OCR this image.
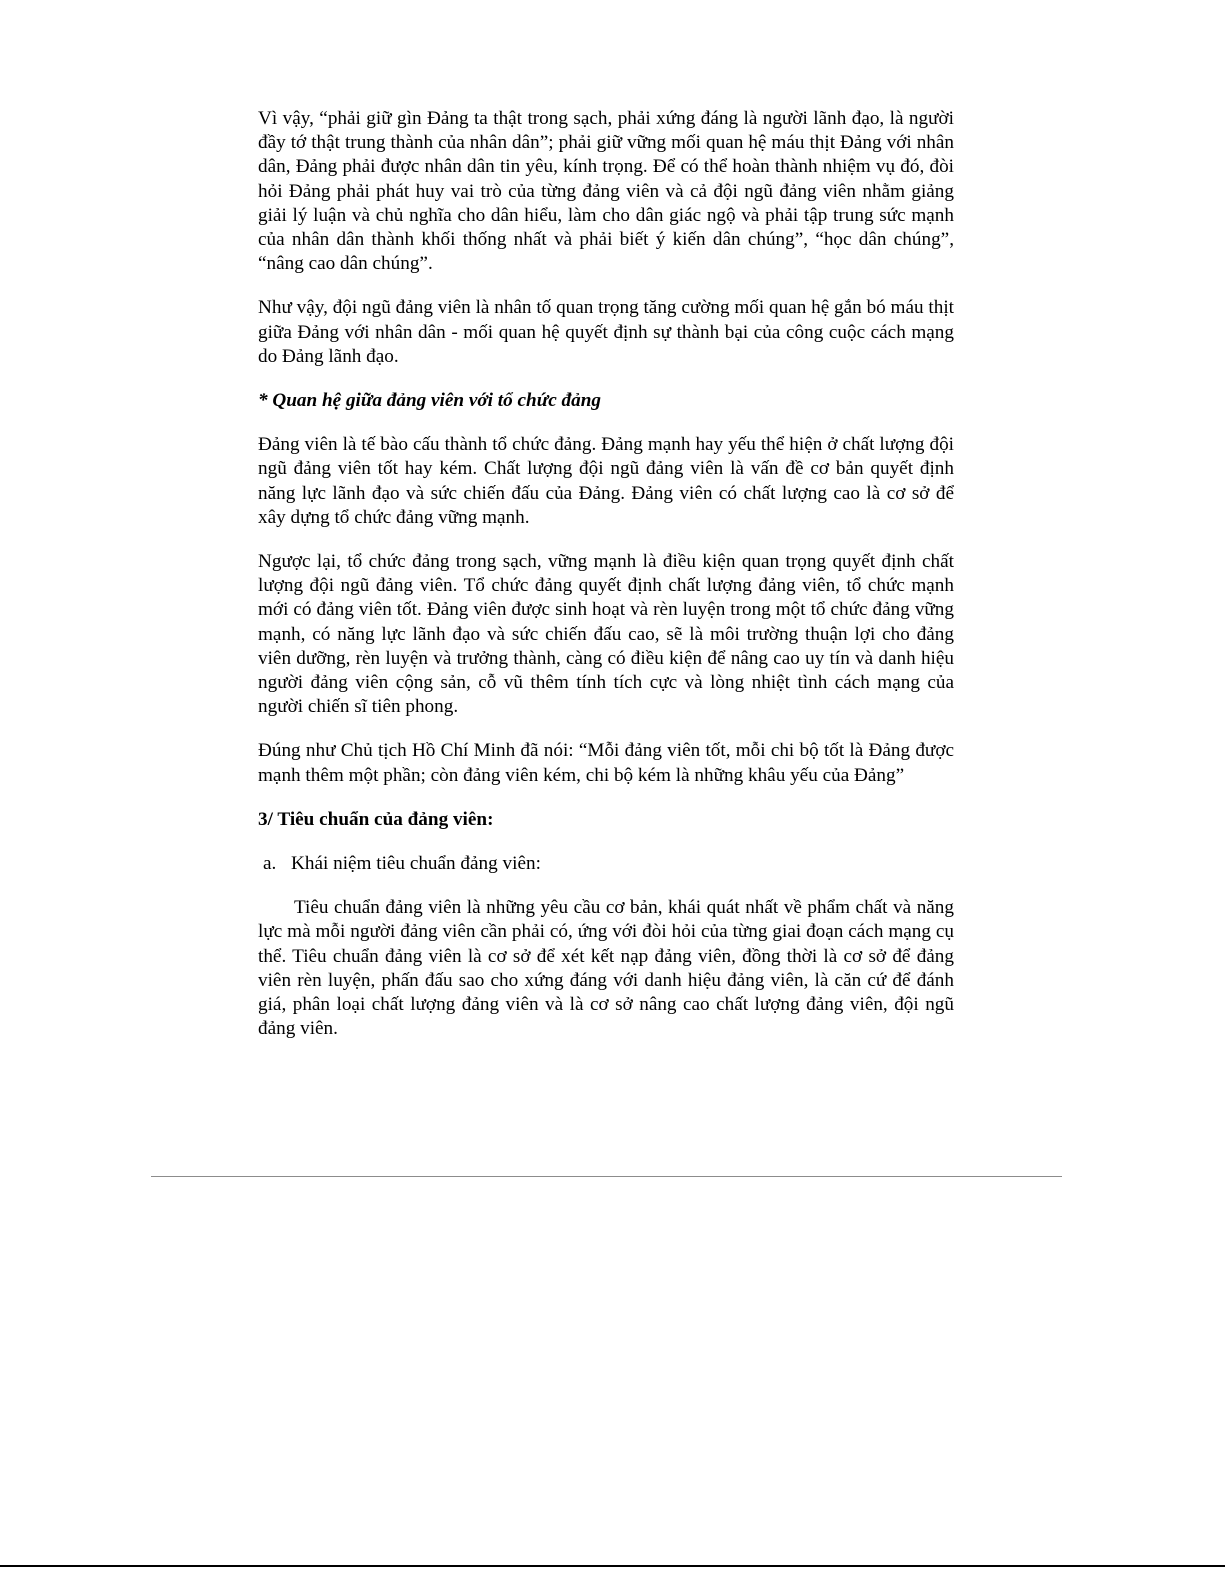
Vì vậy, “phải giữ gìn Đảng ta thật trong sạch, phải xứng đáng là người lãnh đạo, là người đầy tớ thật trung thành của nhân dân”; phải giữ vững mối quan hệ máu thịt Đảng với nhân dân, Đảng phải được nhân dân tin yêu, kính trọng. Để có thể hoàn thành nhiệm vụ đó, đòi hỏi Đảng phải phát huy vai trò của từng đảng viên và cả đội ngũ đảng viên nhằm giảng giải lý luận và chủ nghĩa cho dân hiểu, làm cho dân giác ngộ và phải tập trung sức mạnh của nhân dân thành khối thống nhất và phải biết ý kiến dân chúng”, “học dân chúng”, “nâng cao dân chúng”.

Như vậy, đội ngũ đảng viên là nhân tố quan trọng tăng cường mối quan hệ gắn bó máu thịt giữa Đảng với nhân dân - mối quan hệ quyết định sự thành bại của công cuộc cách mạng do Đảng lãnh đạo.

* Quan hệ giữa đảng viên với tổ chức đảng

Đảng viên là tế bào cấu thành tổ chức đảng. Đảng mạnh hay yếu thể hiện ở chất lượng đội ngũ đảng viên tốt hay kém. Chất lượng đội ngũ đảng viên là vấn đề cơ bản quyết định năng lực lãnh đạo và sức chiến đấu của Đảng. Đảng viên có chất lượng cao là cơ sở để xây dựng tổ chức đảng vững mạnh.

Ngược lại, tổ chức đảng trong sạch, vững mạnh là điều kiện quan trọng quyết định chất lượng đội ngũ đảng viên. Tổ chức đảng quyết định chất lượng đảng viên, tổ chức mạnh mới có đảng viên tốt. Đảng viên được sinh hoạt và rèn luyện trong một tổ chức đảng vững mạnh, có năng lực lãnh đạo và sức chiến đấu cao, sẽ là môi trường thuận lợi cho đảng viên dưỡng, rèn luyện và trưởng thành, càng có điều kiện để nâng cao uy tín và danh hiệu người đảng viên cộng sản, cỗ vũ thêm tính tích cực và lòng nhiệt tình cách mạng của người chiến sĩ tiên phong.

Đúng như Chủ tịch Hồ Chí Minh đã nói: “Mỗi đảng viên tốt, mỗi chi bộ tốt là Đảng được mạnh thêm một phần; còn đảng viên kém, chi bộ kém là những khâu yếu của Đảng”

3/ Tiêu chuẩn của đảng viên:

a. Khái niệm tiêu chuẩn đảng viên:

Tiêu chuẩn đảng viên là những yêu cầu cơ bản, khái quát nhất về phẩm chất và năng lực mà mỗi người đảng viên cần phải có, ứng với đòi hỏi của từng giai đoạn cách mạng cụ thể. Tiêu chuẩn đảng viên là cơ sở để xét kết nạp đảng viên, đồng thời là cơ sở để đảng viên rèn luyện, phấn đấu sao cho xứng đáng với danh hiệu đảng viên, là căn cứ để đánh giá, phân loại chất lượng đảng viên và là cơ sở nâng cao chất lượng đảng viên, đội ngũ đảng viên.
